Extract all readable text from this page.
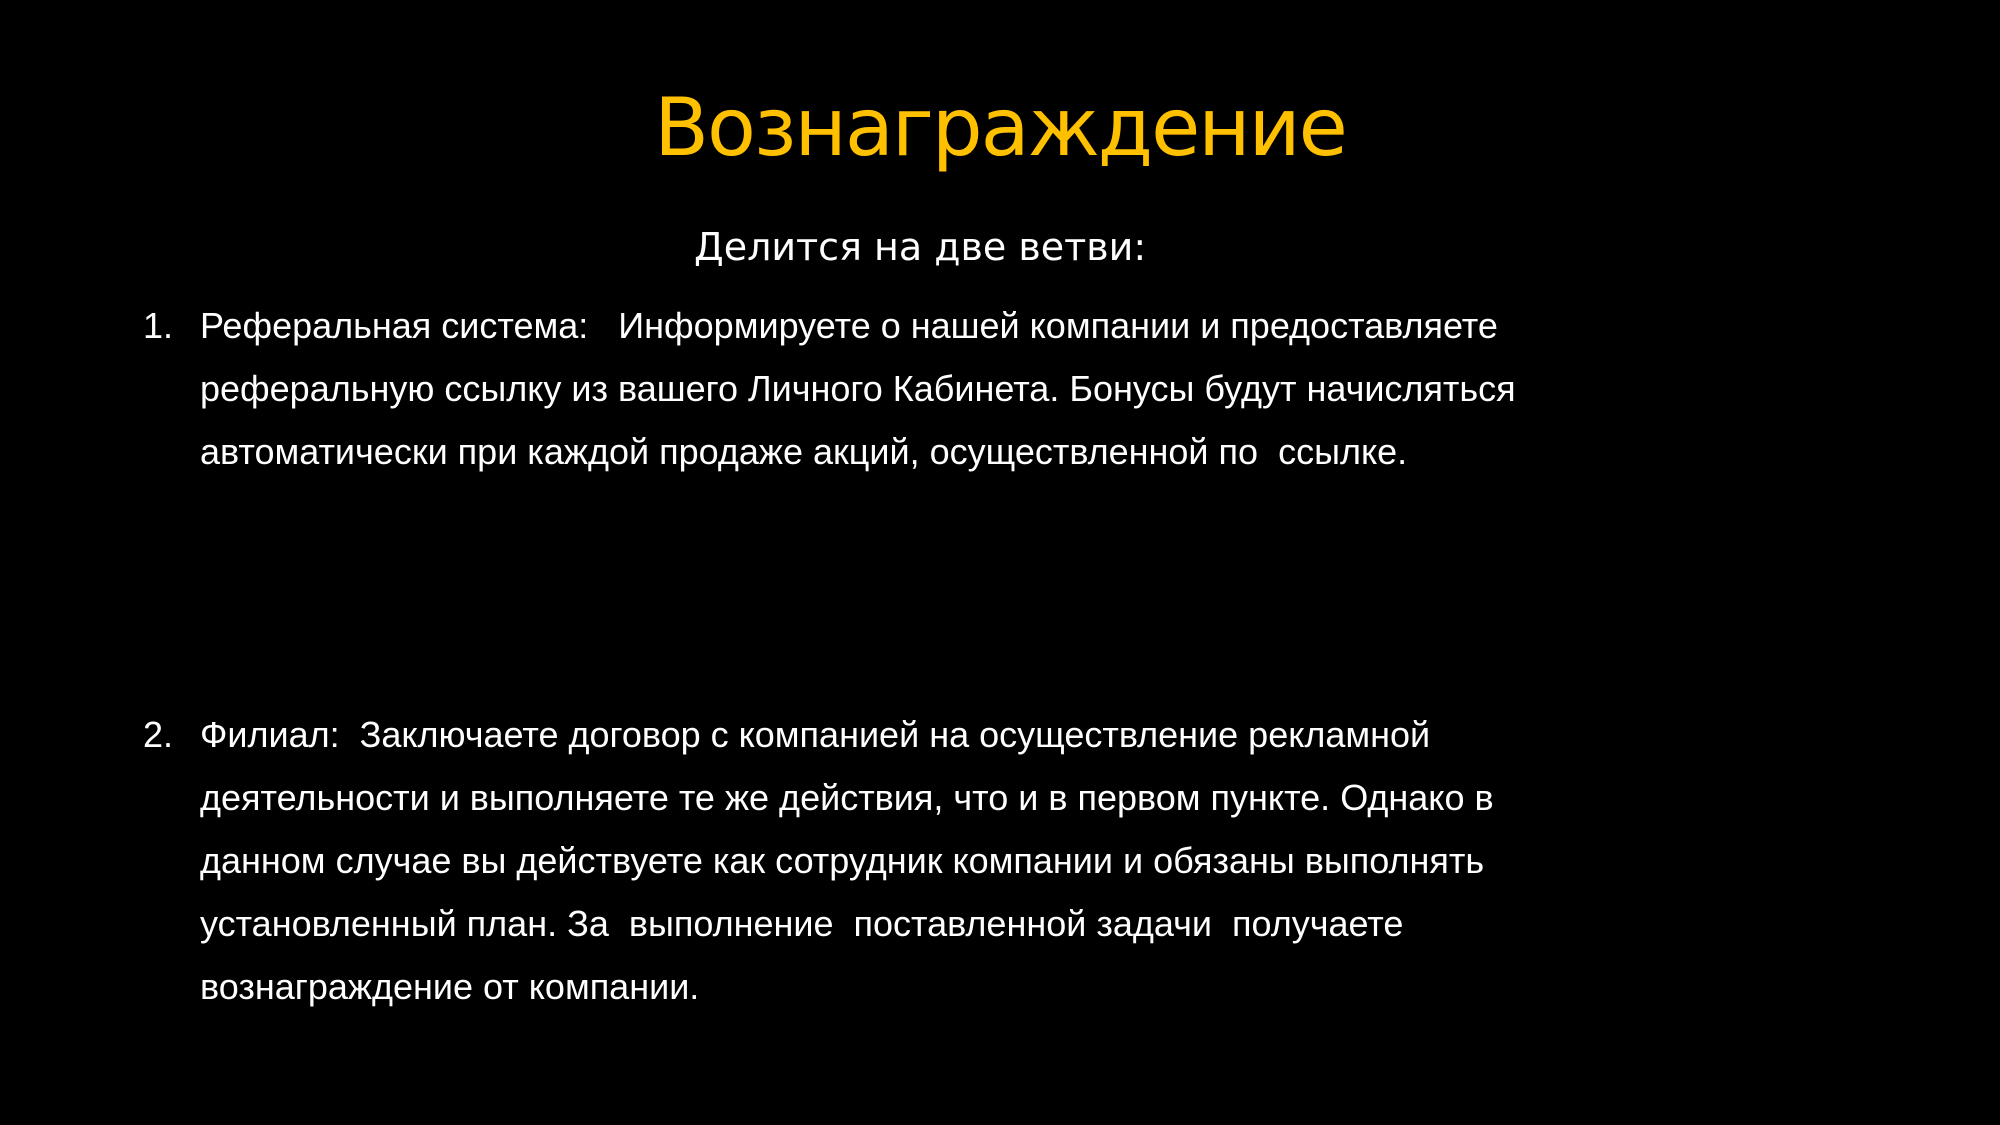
Вознаграждение
Делится на две ветви:
1. Реферальная система:   Информируете о нашей компании и предоставляете
реферальную ссылку из вашего Личного Кабинета. Бонусы будут начисляться
автоматически при каждой продаже акций, осуществленной по  ссылке.
2. Филиал:  Заключаете договор с компанией на осуществление рекламной
деятельности и выполняете те же действия, что и в первом пункте. Однако в
данном случае вы действуете как сотрудник компании и обязаны выполнять
установленный план. За  выполнение  поставленной задачи  получаете
вознаграждение от компании.
